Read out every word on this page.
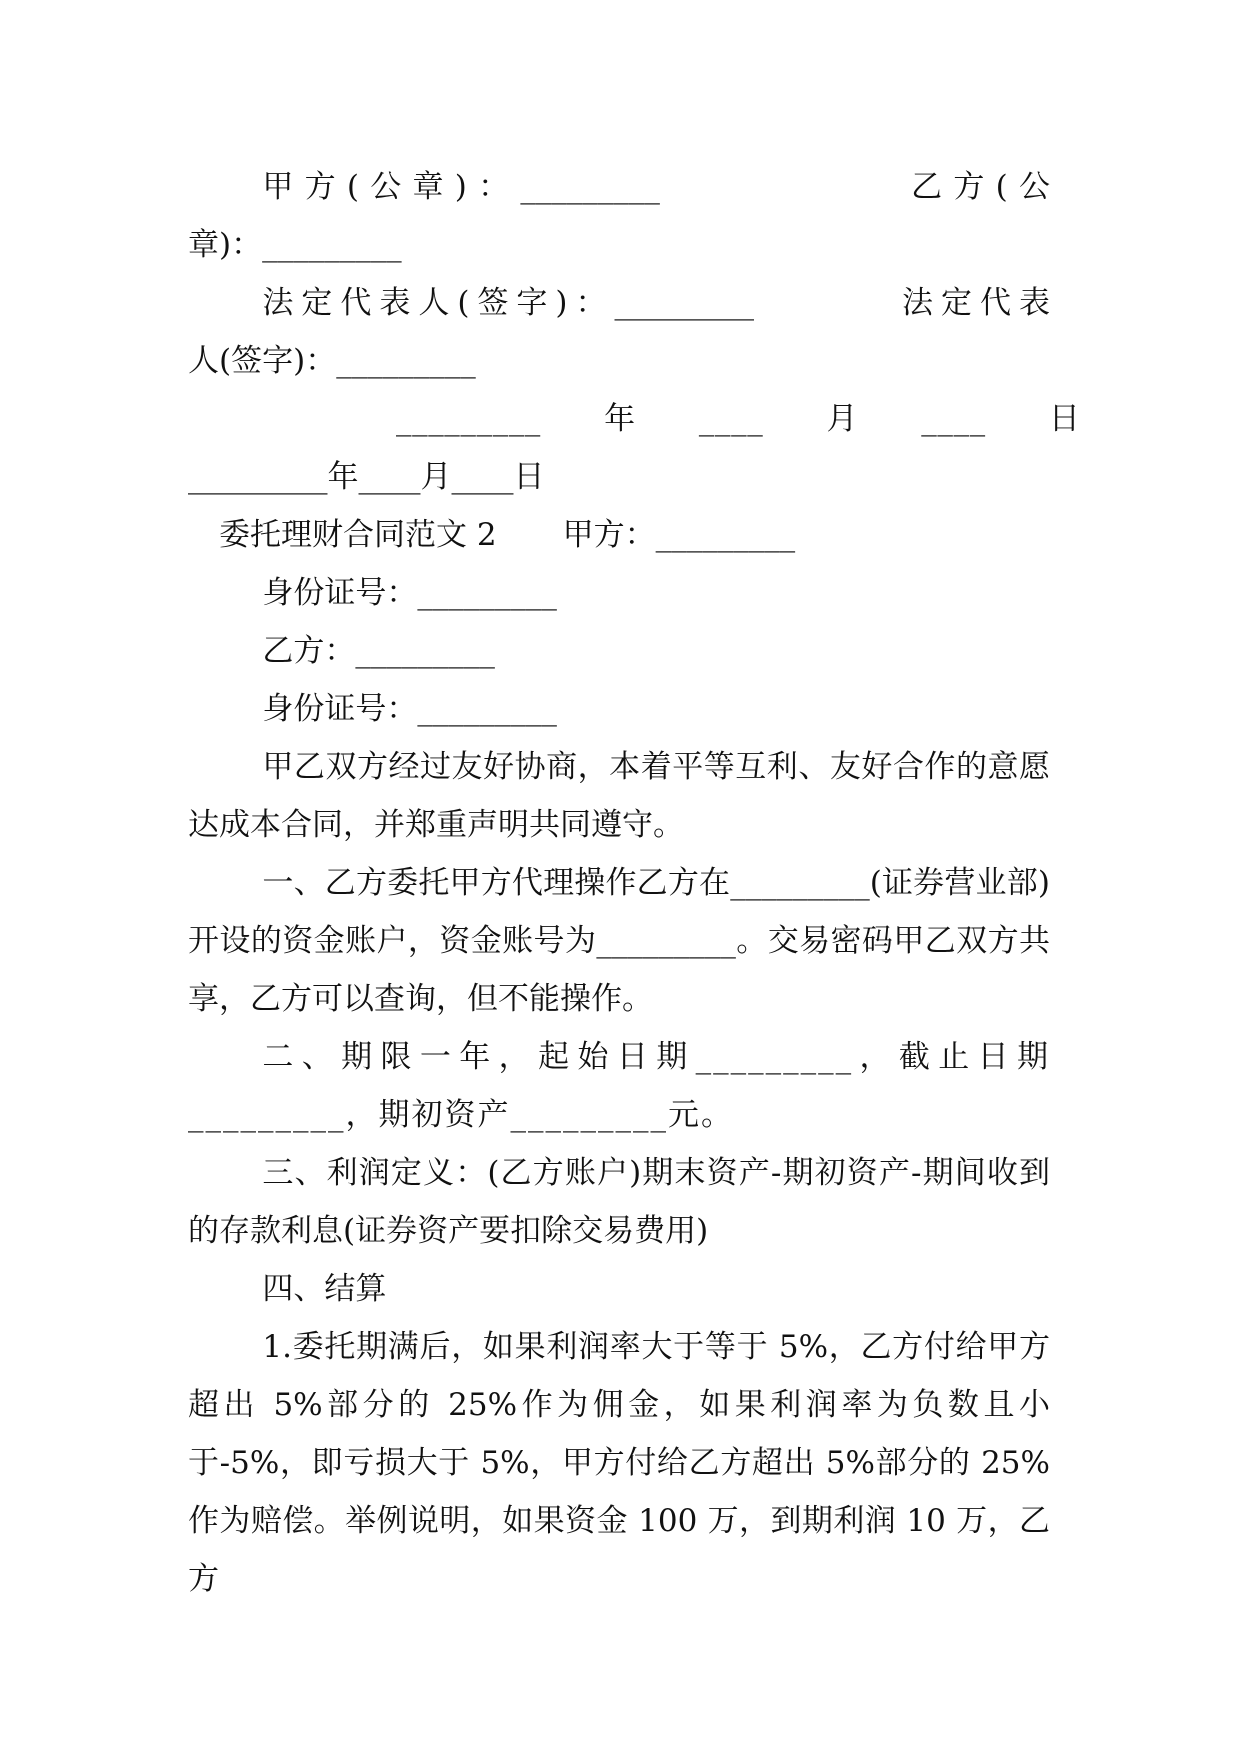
甲方(公章)：_________	乙方(公
章)：_________
法定代表人(签字)：_________	法定代表
人(签字)：_________
_________　　年　　____　　月　　____　　日
_________年____月____日
委托理财合同范文 2 甲方：_________
身份证号：_________
乙方：_________
身份证号：_________

甲乙双方经过友好协商，本着平等互利、友好合作的意愿达成本合同，并郑重声明共同遵守。

一、乙方委托甲方代理操作乙方在_________(证券营业部)开设的资金账户，资金账号为_________。交易密码甲乙双方共享，乙方可以查询，但不能操作。

二、期限一年，起始日期_________，截止日期_________，期初资产_________元。

三、利润定义：(乙方账户)期末资产-期初资产-期间收到的存款利息(证券资产要扣除交易费用)

四、结算

1.委托期满后，如果利润率大于等于 5%，乙方付给甲方超出 5%部分的 25%作为佣金，如果利润率为负数且小于-5%，即亏损大于 5%，甲方付给乙方超出 5%部分的 25%作为赔偿。举例说明，如果资金 100 万，到期利润 10 万，乙方
